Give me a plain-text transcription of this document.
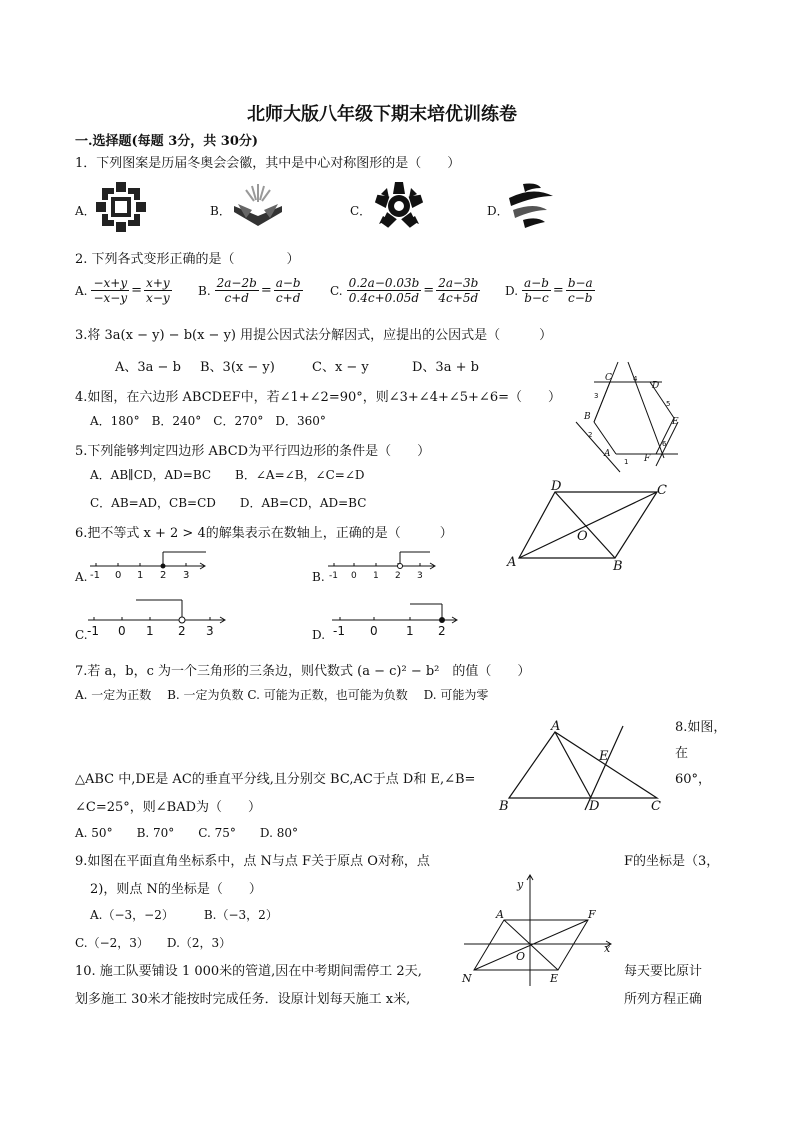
北师大版八年级下期末培优训练卷
一.选择题(每题 3分，共 30分)
1．下列图案是历届冬奥会会徽，其中是中心对称图形的是（　　）
A．	B．	C．	D．
2. 下列各式变形正确的是（　　　　）
A. $\frac{-x+y}{-x-y} = \frac{x+y}{x-y} B$. $\frac{2a-2b}{c+d} = \frac{a-b}{c+d} C$. $\frac{0.2a-0.03b}{0.4c+0.05d} = \frac{2a-3b}{4c+5d} D$. $\frac{a-b}{b-c} = \frac{b-a}{c-b}$
3.将 3a(x − y) − b(x − y) 用提公因式法分解因式，应提出的公因式是（　　　）
A、3a − b B、3(x − y)	C、x − y	D、3a + b
4.如图，在六边形 ABCDEF中，若∠1+∠2=90°，则∠3+∠4+∠5+∠6=（　　）
A．180°　B．240°　C．270°　D．360°
C
D
E
F
A
B
1
2
3
4
5
6
5.下列能够判定四边形 ABCD为平行四边形的条件是（　　）
A．AB∥CD，AD=BC　　B．∠A=∠B，∠C=∠D
C．AB=AD，CB=CD　　D．AB=CD，AD=BC
D	C
O
A	B
6.把不等式 x + 2 > 4的解集表示在数轴上，正确的是（　　　）
A. -1 0 1 2 3	B. -1 0 1 2 3
C. -1 0 1 2 3	D. -1 0 1 2
7.若 a，b，c 为一个三角形的三条边，则代数式 (a − c)² − b²　的值（　　）
A. 一定为正数　 B. 一定为负数 C. 可能为正数，也可能为负数　 D. 可能为零
8.如图，
在
60°，
△ABC 中,DE是 AC的垂直平分线,且分别交 BC,AC于点 D和 E,∠B=
∠C=25°，则∠BAD为（　　）
A. 50°　　B. 70°　　C. 75°　　D. 80°
A
E
B	D	C
9.如图在平面直角坐标系中，点 N与点 F关于原点 O对称，点	F的坐标是（3，
2)，则点 N的坐标是（　　）
A.（−3，−2）　　　B.（−3，2）
C.（−2，3）　　D.（2，3）
y
x
A	F
O
N	E
10. 施工队要铺设 1 000米的管道,因在中考期间需停工 2天,	每天要比原计
划多施工 30米才能按时完成任务．设原计划每天施工 x米,	所列方程正确
